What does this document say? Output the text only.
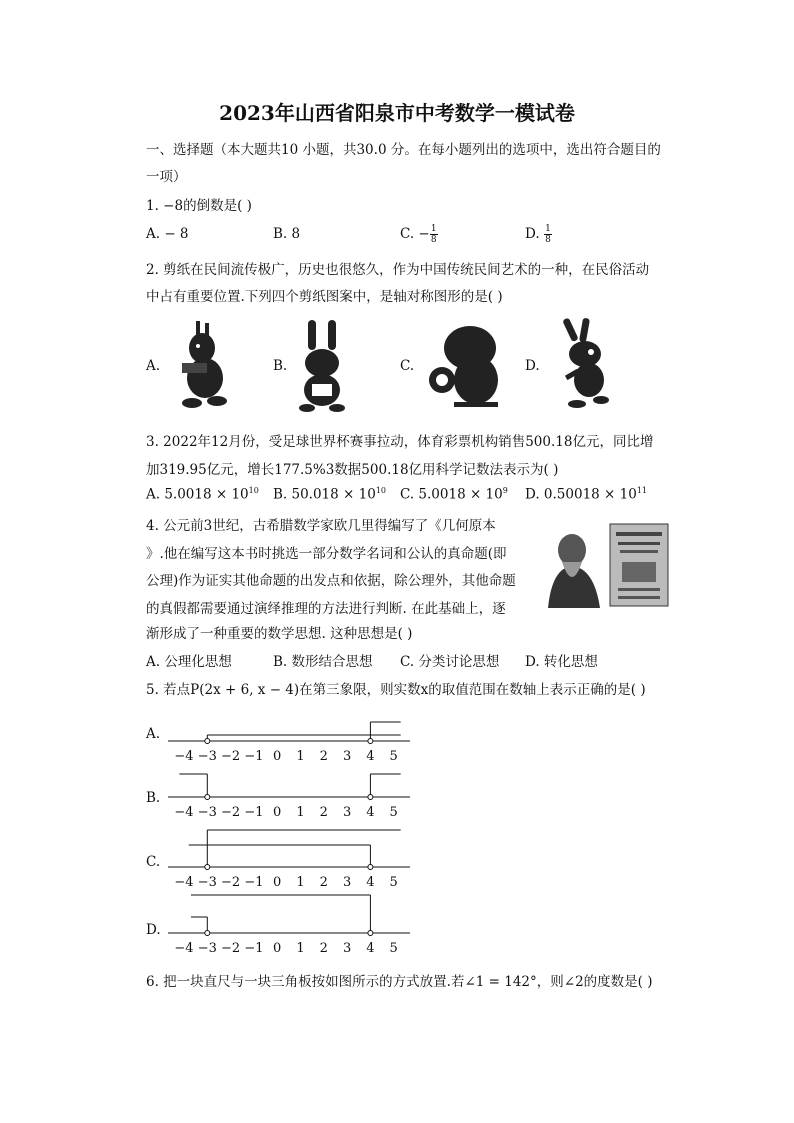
2023年山西省阳泉市中考数学一模试卷
一、选择题（本大题共10 小题，共30.0 分。在每小题列出的选项中，选出符合题目的
一项）
1. −8的倒数是( )
A. − 8	B. 8	C. − $\frac{1}{8}$	D. $\frac{1}{8}$
2. 剪纸在民间流传极广，历史也很悠久，作为中国传统民间艺术的一种，在民俗活动
中占有重要位置.下列四个剪纸图案中，是轴对称图形的是( )
A.	B.	C.	D.
3. 2022年12月份，受足球世界杯赛事拉动，体育彩票机构销售500.18亿元，同比增
加319.95亿元，增长177.5%3数据500.18亿用科学记数法表示为( )
A. $5.0018 \times 10^{10}$ B. $50.018 \times 10^{10}$ C. $5.0018 \times 10^9$ D. $0.50018 \times 10^{11}$
4. 公元前3世纪，古希腊数学家欧几里得编写了《几何原本
》.他在编写这本书时挑选一部分数学名词和公认的真命题(即
公理)作为证实其他命题的出发点和依据，除公理外，其他命题
的真假都需要通过演绎推理的方法进行判断. 在此基础上，逐
渐形成了一种重要的数学思想. 这种思想是( )
A. 公理化思想	B. 数形结合思想 C. 分类讨论思想 D. 转化思想
5. 若点P(2x + 6, x − 4)在第三象限，则实数x的取值范围在数轴上表示正确的是( )
A.
B.
C.
D.
−4 −3 −2 −1 0 1 2 3 4 5
−4 −3 −2 −1 0 1 2 3 4 5
−4 −3 −2 −1 0 1 2 3 4 5
−4 −3 −2 −1 0 1 2 3 4 5
6. 把一块直尺与一块三角板按如图所示的方式放置.若∠1 = 142°，则∠2的度数是( )
